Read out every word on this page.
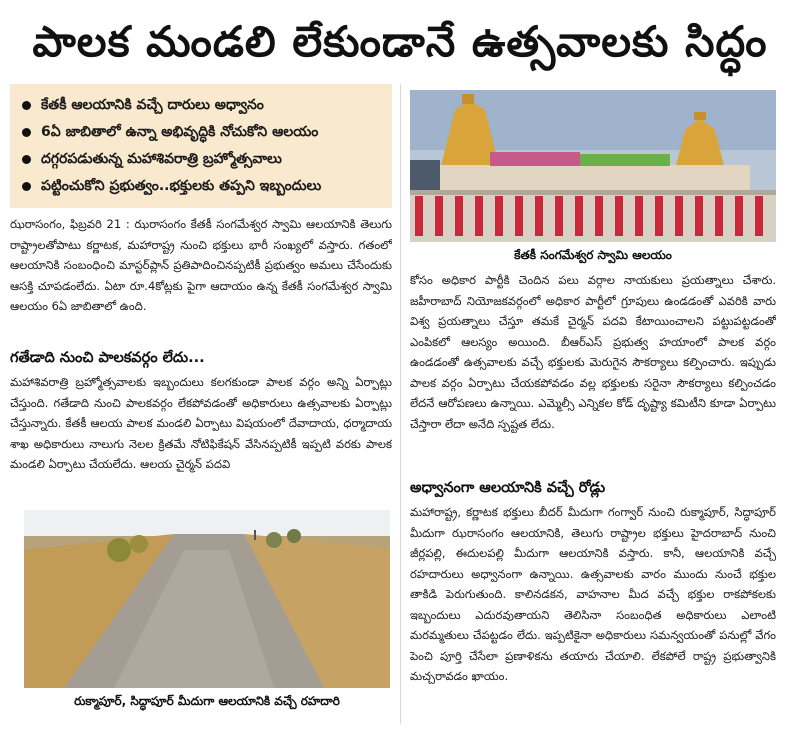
పాలక మండలి లేకుండానే ఉత్సవాలకు సిద్ధం
కేతకీ ఆలయానికి వచ్చే దారులు అధ్వానం
6ఏ జాబితాలో ఉన్నా అభివృద్ధికి నోచుకోని ఆలయం
దగ్గరపడుతున్న మహాశివరాత్రి బ్రహ్మోత్సవాలు
పట్టించుకోని ప్రభుత్వం..భక్తులకు తప్పని ఇబ్బందులు
ఝరాసంగం, ఫిబ్రవరి 21 : ఝరాసంగం కేతకీ సంగమేశ్వర స్వామి ఆలయానికి తెలుగు రాష్ట్రాలతోపాటు కర్ణాటక, మహారాష్ట్ర నుంచి భక్తులు భారీ సంఖ్యలో వస్తారు. గతంలో ఆలయానికి సంబంధించి మాస్టర్‌ప్లాన్ ప్రతిపాదించినప్పటికీ ప్రభుత్వం అమలు చేసేందుకు ఆసక్తి చూపడంలేదు. ఏటా రూ.4కోట్లకు పైగా ఆదాయం ఉన్న కేతకీ సంగమేశ్వర స్వామి ఆలయం 6ఏ జాబితాలో ఉంది.
గతేడాది నుంచి పాలకవర్గం లేదు...
మహాశివరాత్రి బ్రహ్మోత్సవాలకు ఇబ్బందులు కలగకుండా పాలక వర్గం అన్ని ఏర్పాట్లు చేస్తుంది. గతేడాది నుంచి పాలకవర్గం లేకపోవడంతో అధికారులు ఉత్సవాలకు ఏర్పాట్లు చేస్తున్నారు. కేతకీ ఆలయ పాలక మండలి ఏర్పాటు విషయంలో దేవాదాయ, ధర్మాదాయ శాఖ అధికారులు నాలుగు నెలల క్రితమే నోటిఫికేషన్ వేసినప్పటికీ ఇప్పటి వరకు పాలక మండలి ఏర్పాటు చేయలేదు. ఆలయ చైర్మన్ పదవి
రుక్మాపూర్, సిద్ధాపూర్ మీదుగా ఆలయానికి వచ్చే రహదారి
కేతకీ సంగమేశ్వర స్వామి ఆలయం
కోసం అధికార పార్టీకి చెందిన పలు వర్గాల నాయకులు ప్రయత్నాలు చేశారు. జహీరాబాద్ నియోజకవర్గంలో అధికార పార్టీలో గ్రూపులు ఉండడంతో ఎవరికి వారు విశ్వ ప్రయత్నాలు చేస్తూ తమకే చైర్మన్ పదవి కేటాయించాలని పట్టుపట్టడంతో ఎంపికలో ఆలస్యం అయింది. బీఆర్ఎస్ ప్రభుత్వ హయాంలో పాలక వర్గం ఉండడంతో ఉత్సవాలకు వచ్చే భక్తులకు మెరుగైన సౌకర్యాలు కల్పించారు. ఇప్పుడు పాలక వర్గం ఏర్పాటు చేయకపోవడం వల్ల భక్తులకు సరైనా సౌకర్యాలు కల్పించడం లేదనే ఆరోపణలు ఉన్నాయి. ఎమ్మెల్సీ ఎన్నికల కోడ్ దృష్ట్యా కమిటీని కూడా ఏర్పాటు చేస్తారా లేదా అనేది స్పష్టత లేదు.
అధ్వానంగా ఆలయానికి వచ్చే రోడ్లు
మహారాష్ట్ర, కర్ణాటక భక్తులు బీదర్ మీదుగా గంగ్వార్ నుంచి రుక్మాపూర్, సిద్ధాపూర్ మీదుగా ఝరాసంగం ఆలయానికి, తెలుగు రాష్ట్రాల భక్తులు హైదరాబాద్ నుంచి జీర్లపల్లి, ఈదులపల్లి మీదుగా ఆలయానికి వస్తారు. కానీ, ఆలయానికి వచ్చే రహదారులు అధ్వానంగా ఉన్నాయి. ఉత్సవాలకు వారం ముందు నుంచే భక్తుల తాకిడి పెరుగుతుంది. కాలినడకన, వాహనాల మీద వచ్చే భక్తుల రాకపోకలకు ఇబ్బందులు ఎదురవుతాయని తెలిసినా సంబంధిత అధికారులు ఎలాంటి మరమ్మతులు చేపట్టడం లేదు. ఇప్పటికైనా అధికారులు సమన్వయంతో పనుల్లో వేగం పెంచి పూర్తి చేసేలా ప్రణాళికను తయారు చేయాలి. లేకపోలే రాష్ట్ర ప్రభుత్వానికి మచ్చరావడం ఖాయం.
